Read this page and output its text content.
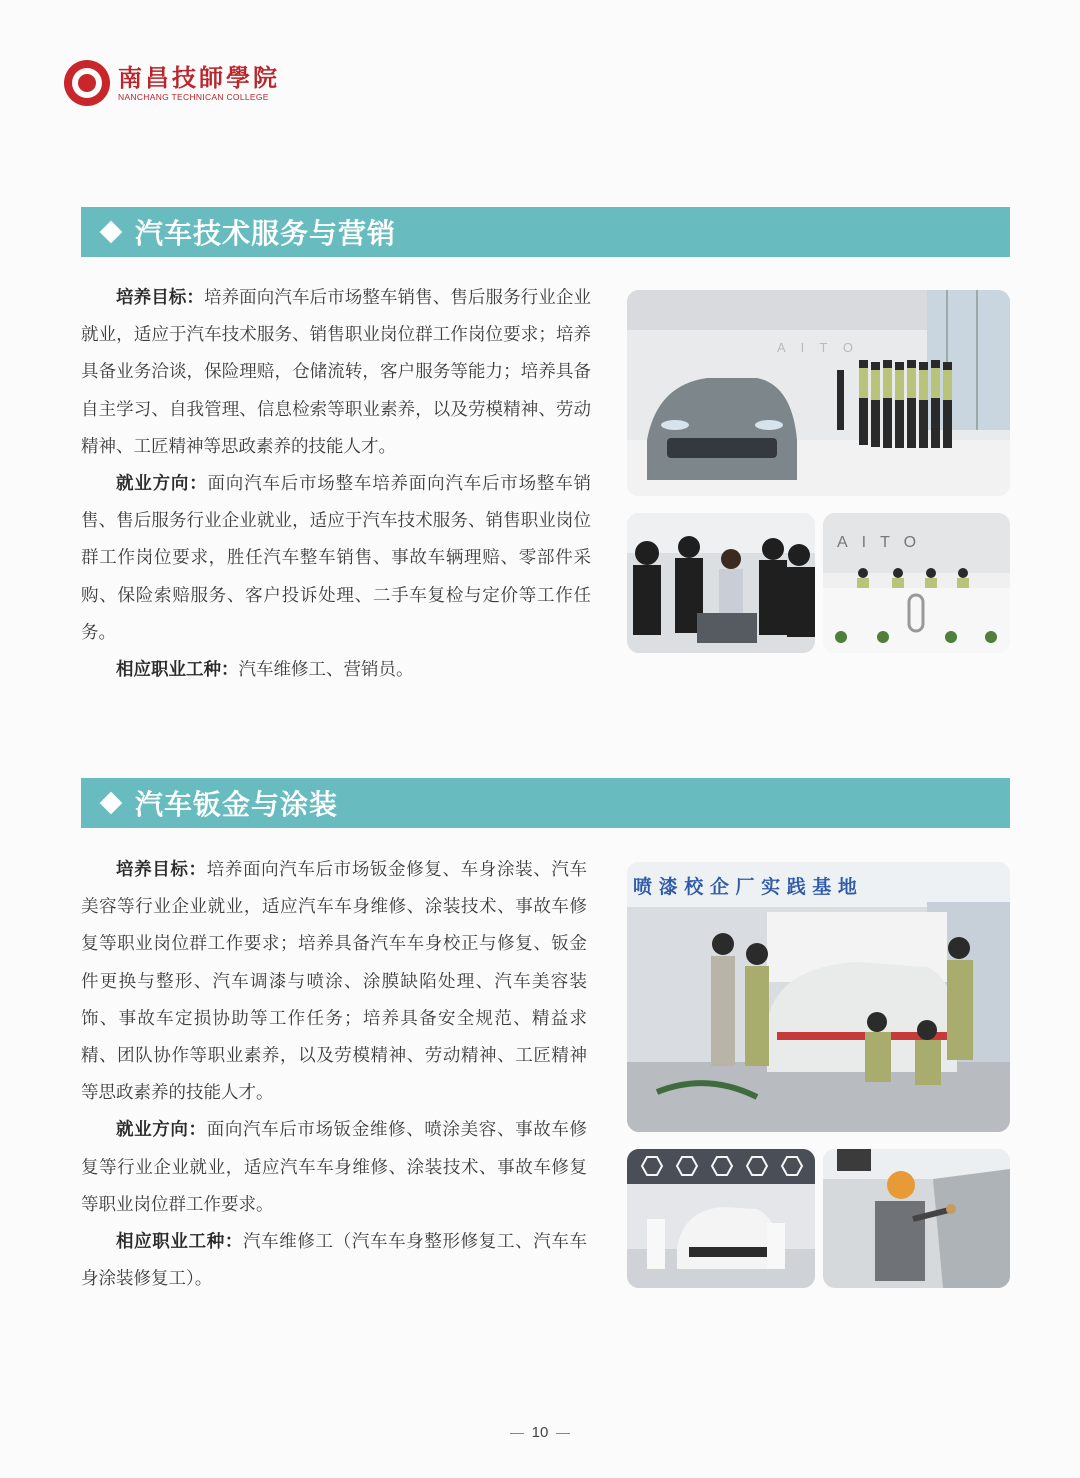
南昌技師學院
NANCHANG TECHNICAN COLLEGE
汽车技术服务与营销

培养目标：培养面向汽车后市场整车销售、售后服务行业企业就业，适应于汽车技术服务、销售职业岗位群工作岗位要求；培养具备业务洽谈，保险理赔，仓储流转，客户服务等能力；培养具备自主学习、自我管理、信息检索等职业素养，以及劳模精神、劳动精神、工匠精神等思政素养的技能人才。

就业方向：面向汽车后市场整车培养面向汽车后市场整车销售、售后服务行业企业就业，适应于汽车技术服务、销售职业岗位群工作岗位要求，胜任汽车整车销售、事故车辆理赔、零部件采购、保险索赔服务、客户投诉处理、二手车复检与定价等工作任务。

相应职业工种：汽车维修工、营销员。

A I T O
AITO
汽车钣金与涂装

培养目标：培养面向汽车后市场钣金修复、车身涂装、汽车美容等行业企业就业，适应汽车车身维修、涂装技术、事故车修复等职业岗位群工作要求；培养具备汽车车身校正与修复、钣金件更换与整形、汽车调漆与喷涂、涂膜缺陷处理、汽车美容装饰、事故车定损协助等工作任务；培养具备安全规范、精益求精、团队协作等职业素养，以及劳模精神、劳动精神、工匠精神等思政素养的技能人才。

就业方向：面向汽车后市场钣金维修、喷涂美容、事故车修复等行业企业就业，适应汽车车身维修、涂装技术、事故车修复等职业岗位群工作要求。

相应职业工种：汽车维修工（汽车车身整形修复工、汽车车身涂装修复工）。

喷 漆 校 企 厂 实 践 基 地
10
